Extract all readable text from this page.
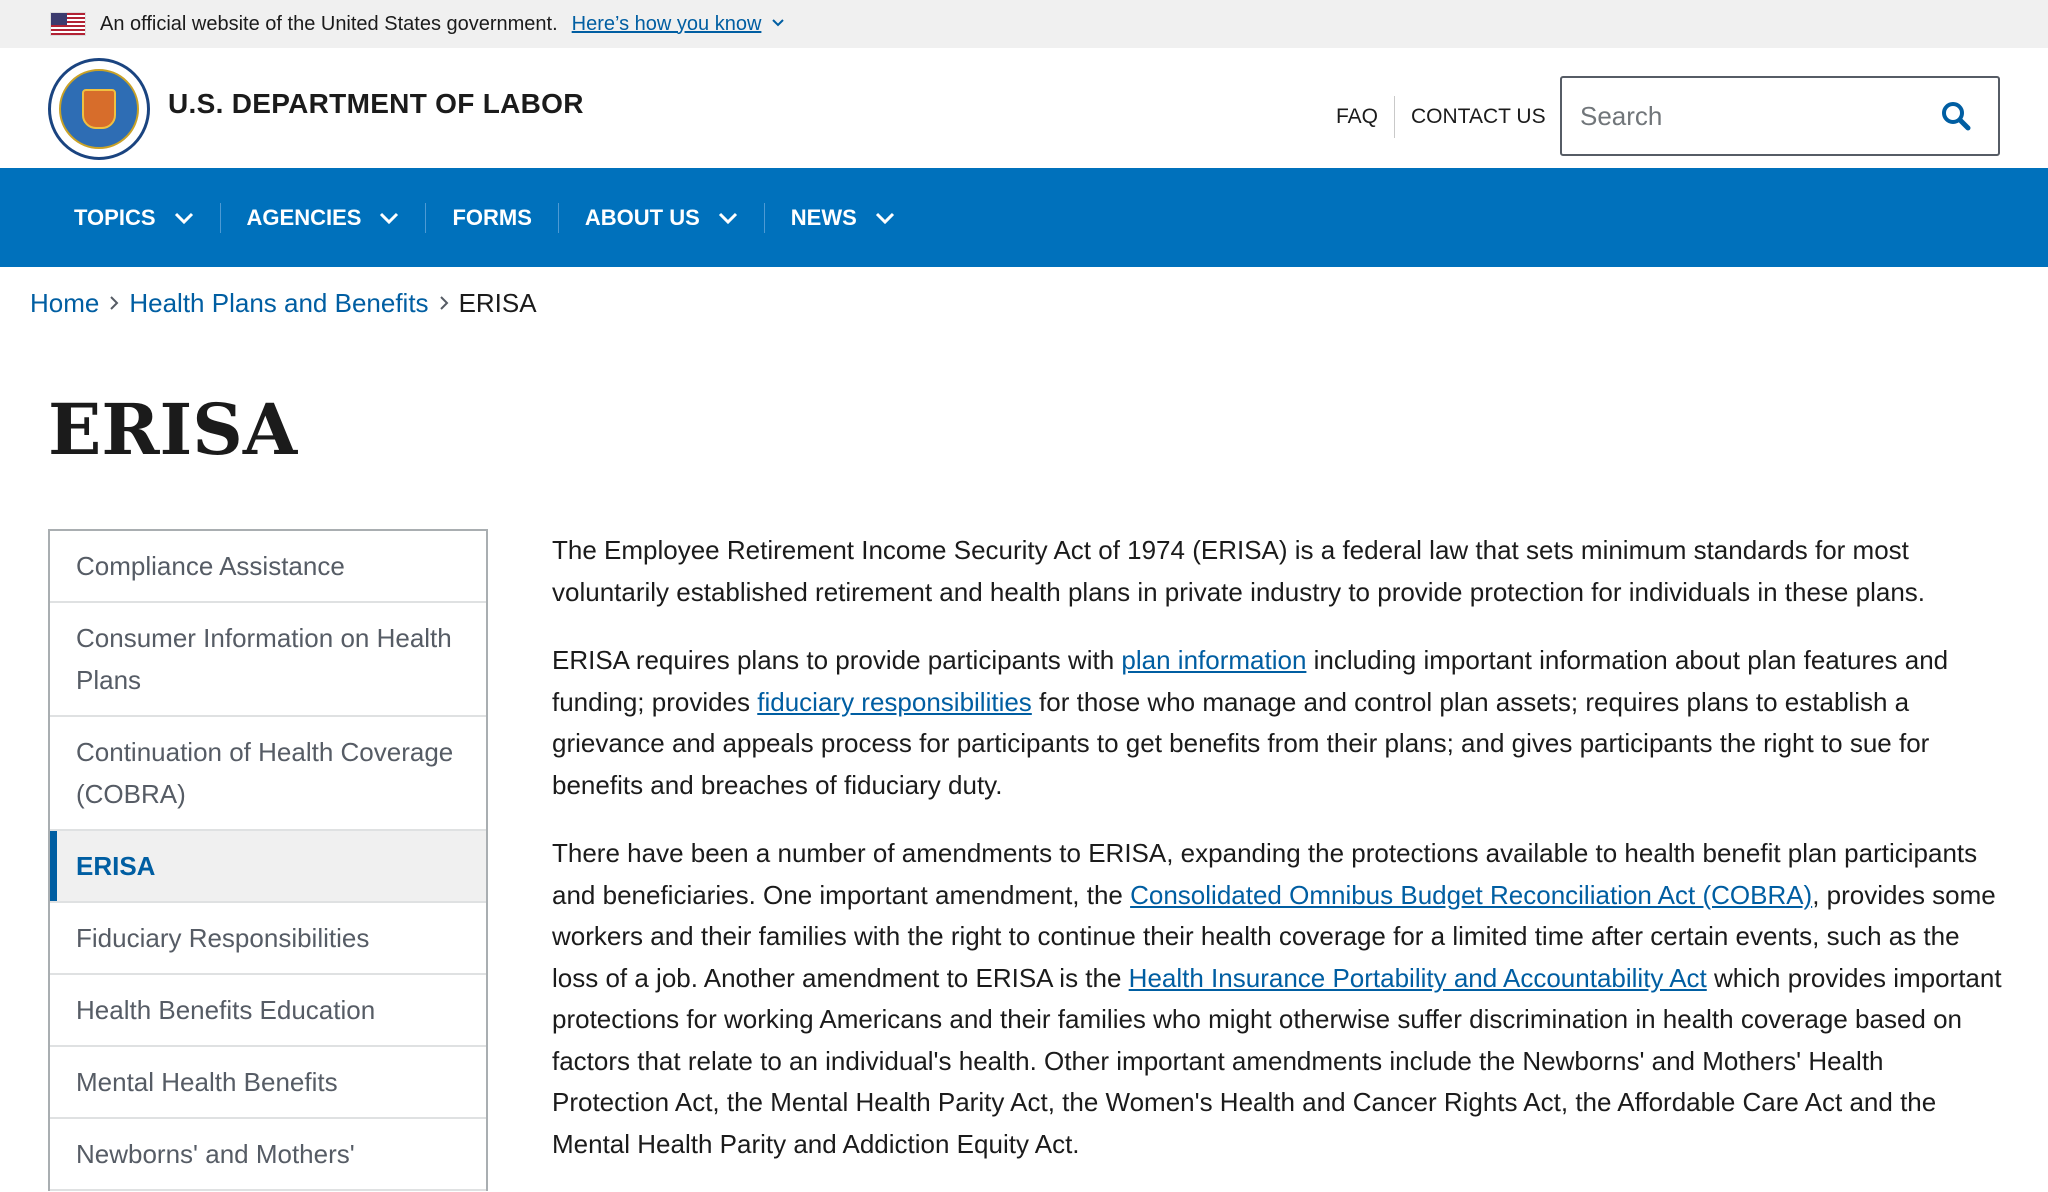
An official website of the United States government. Here’s how you know
U.S. DEPARTMENT OF LABOR	FAQ	CONTACT US
Search
TOPICS	AGENCIES	FORMS ABOUT US	NEWS
Home Health Plans and Benefits ERISA
ERISA
Compliance Assistance
Consumer Information on Health Plans
Continuation of Health Coverage (COBRA)
ERISA
Fiduciary Responsibilities
Health Benefits Education
Mental Health Benefits
Newborns' and Mothers'

The Employee Retirement Income Security Act of 1974 (ERISA) is a federal law that sets minimum standards for most voluntarily established retirement and health plans in private industry to provide protection for individuals in these plans.

ERISA requires plans to provide participants with plan information including important information about plan features and funding; provides fiduciary responsibilities for those who manage and control plan assets; requires plans to establish a grievance and appeals process for participants to get benefits from their plans; and gives participants the right to sue for benefits and breaches of fiduciary duty.

There have been a number of amendments to ERISA, expanding the protections available to health benefit plan participants and beneficiaries. One important amendment, the Consolidated Omnibus Budget Reconciliation Act (COBRA), provides some workers and their families with the right to continue their health coverage for a limited time after certain events, such as the loss of a job. Another amendment to ERISA is the Health Insurance Portability and Accountability Act which provides important protections for working Americans and their families who might otherwise suffer discrimination in health coverage based on factors that relate to an individual's health. Other important amendments include the Newborns' and Mothers' Health Protection Act, the Mental Health Parity Act, the Women's Health and Cancer Rights Act, the Affordable Care Act and the Mental Health Parity and Addiction Equity Act.
